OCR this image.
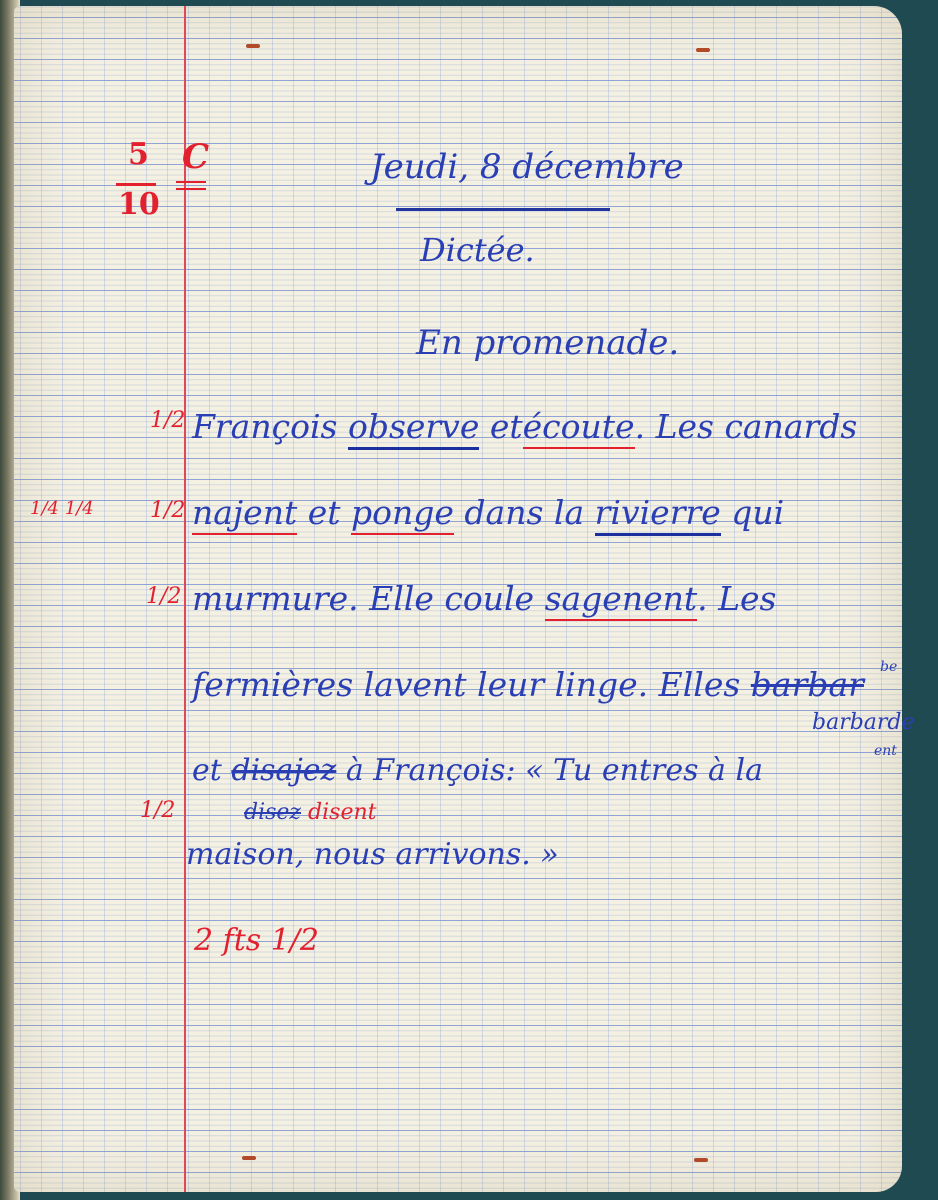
5
10
C	Jeudi, 8 décembre
Dictée.
En promenade.
1/2
1/4 1/4	1/2
1/2
1/2
François observe etécoute. Les canards
najent et ponge dans la rivierre qui
murmure. Elle coule sagenent. Les
fermières lavent leur linge. Elles barbar be
barbarde
ent
et disajez à François: « Tu entres à la
disez disent
maison, nous arrivons. »
2 fts 1/2
